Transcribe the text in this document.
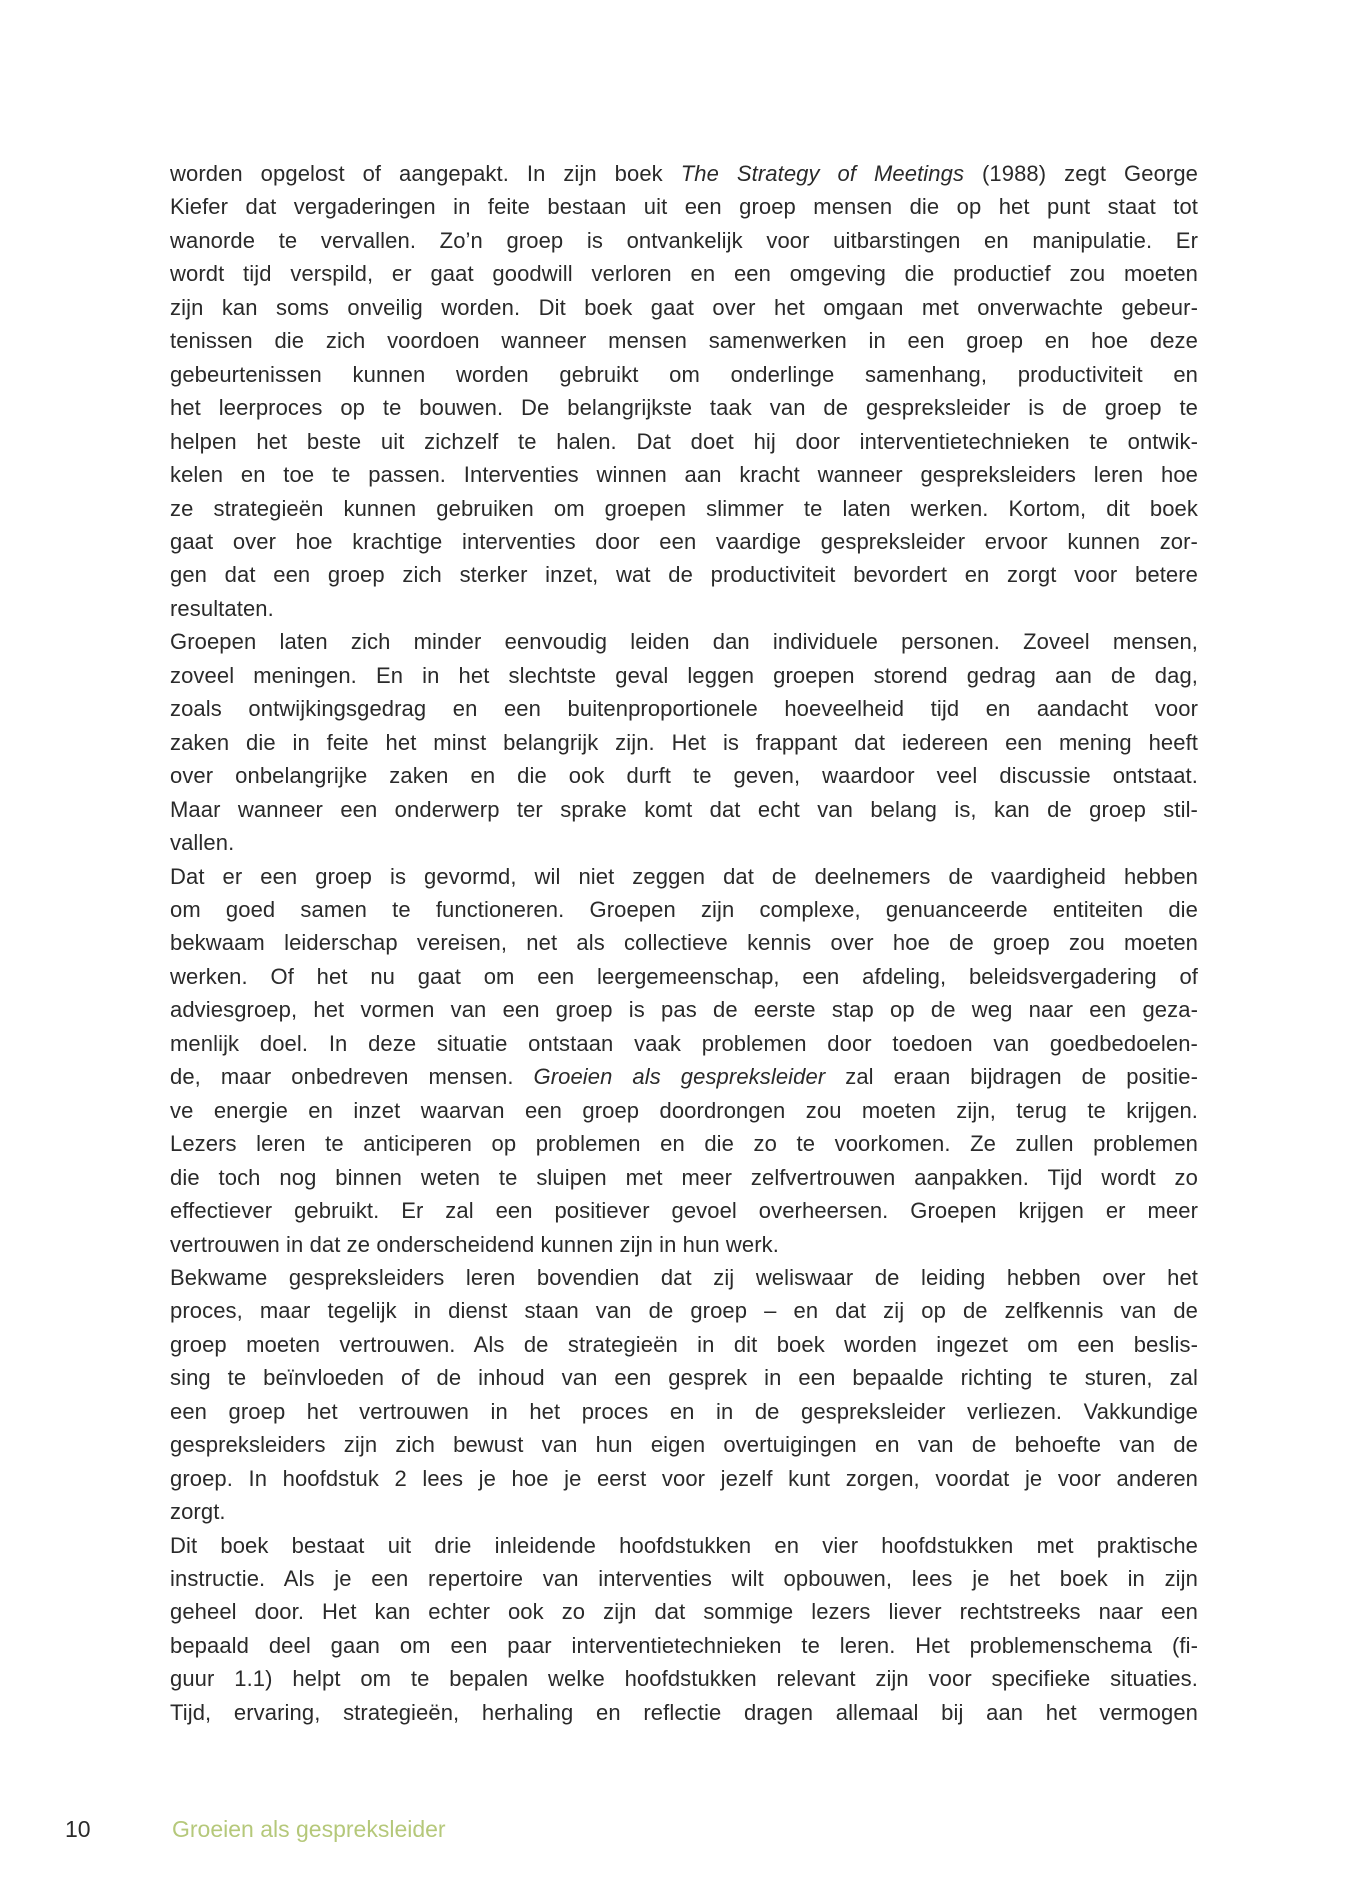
worden opgelost of aangepakt. In zijn boek The Strategy of Meetings (1988) zegt George
Kiefer dat vergaderingen in feite bestaan uit een groep mensen die op het punt staat tot
wanorde te vervallen. Zo’n groep is ontvankelijk voor uitbarstingen en manipulatie. Er
wordt tijd verspild, er gaat goodwill verloren en een omgeving die productief zou moeten
zijn kan soms onveilig worden. Dit boek gaat over het omgaan met onverwachte gebeur-
tenissen die zich voordoen wanneer mensen samenwerken in een groep en hoe deze
gebeurtenissen kunnen worden gebruikt om onderlinge samenhang, productiviteit en
het leerproces op te bouwen. De belangrijkste taak van de gespreksleider is de groep te
helpen het beste uit zichzelf te halen. Dat doet hij door interventietechnieken te ontwik-
kelen en toe te passen. Interventies winnen aan kracht wanneer gespreksleiders leren hoe
ze strategieën kunnen gebruiken om groepen slimmer te laten werken. Kortom, dit boek
gaat over hoe krachtige interventies door een vaardige gespreksleider ervoor kunnen zor-
gen dat een groep zich sterker inzet, wat de productiviteit bevordert en zorgt voor betere
resultaten.
Groepen laten zich minder eenvoudig leiden dan individuele personen. Zoveel mensen,
zoveel meningen. En in het slechtste geval leggen groepen storend gedrag aan de dag,
zoals ontwijkingsgedrag en een buitenproportionele hoeveelheid tijd en aandacht voor
zaken die in feite het minst belangrijk zijn. Het is frappant dat iedereen een mening heeft
over onbelangrijke zaken en die ook durft te geven, waardoor veel discussie ontstaat.
Maar wanneer een onderwerp ter sprake komt dat echt van belang is, kan de groep stil-
vallen.
Dat er een groep is gevormd, wil niet zeggen dat de deelnemers de vaardigheid hebben
om goed samen te functioneren. Groepen zijn complexe, genuanceerde entiteiten die
bekwaam leiderschap vereisen, net als collectieve kennis over hoe de groep zou moeten
werken. Of het nu gaat om een leergemeenschap, een afdeling, beleidsvergadering of
adviesgroep, het vormen van een groep is pas de eerste stap op de weg naar een geza-
menlijk doel. In deze situatie ontstaan vaak problemen door toedoen van goedbedoelen-
de, maar onbedreven mensen. Groeien als gespreksleider zal eraan bijdragen de positie-
ve energie en inzet waarvan een groep doordrongen zou moeten zijn, terug te krijgen.
Lezers leren te anticiperen op problemen en die zo te voorkomen. Ze zullen problemen
die toch nog binnen weten te sluipen met meer zelfvertrouwen aanpakken. Tijd wordt zo
effectiever gebruikt. Er zal een positiever gevoel overheersen. Groepen krijgen er meer
vertrouwen in dat ze onderscheidend kunnen zijn in hun werk.
Bekwame gespreksleiders leren bovendien dat zij weliswaar de leiding hebben over het
proces, maar tegelijk in dienst staan van de groep – en dat zij op de zelfkennis van de
groep moeten vertrouwen. Als de strategieën in dit boek worden ingezet om een beslis-
sing te beïnvloeden of de inhoud van een gesprek in een bepaalde richting te sturen, zal
een groep het vertrouwen in het proces en in de gespreksleider verliezen. Vakkundige
gespreksleiders zijn zich bewust van hun eigen overtuigingen en van de behoefte van de
groep. In hoofdstuk 2 lees je hoe je eerst voor jezelf kunt zorgen, voordat je voor anderen
zorgt.
Dit boek bestaat uit drie inleidende hoofdstukken en vier hoofdstukken met praktische
instructie. Als je een repertoire van interventies wilt opbouwen, lees je het boek in zijn
geheel door. Het kan echter ook zo zijn dat sommige lezers liever rechtstreeks naar een
bepaald deel gaan om een paar interventietechnieken te leren. Het problemenschema (fi-
guur 1.1) helpt om te bepalen welke hoofdstukken relevant zijn voor specifieke situaties.
Tijd, ervaring, strategieën, herhaling en reflectie dragen allemaal bij aan het vermogen
10	Groeien als gespreksleider
